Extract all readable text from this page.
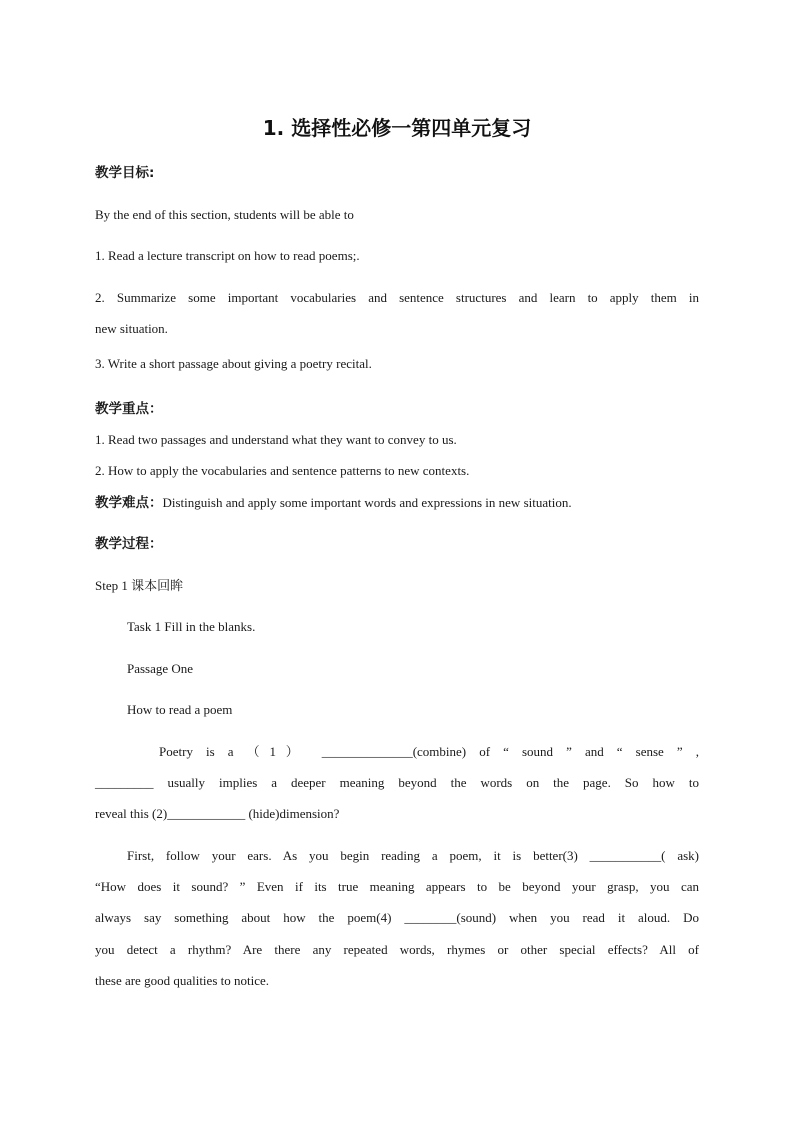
1. 选择性必修一第四单元复习
教学目标:
By the end of this section, students will be able to
1. Read a lecture transcript on how to read poems;.
2. Summarize some important vocabularies and sentence structures and learn to apply them in
new situation.
3. Write a short passage about giving a poetry recital.
教学重点：
1. Read two passages and understand what they want to convey to us.
2. How to apply the vocabularies and sentence patterns to new contexts.
教学难点：Distinguish and apply some important words and expressions in new situation.
教学过程：
Step 1 课本回眸
Task 1 Fill in the blanks.
Passage One
How to read a poem
Poetry is a （1） ______________(combine) of “ sound ” and “ sense ” ,
_________ usually implies a deeper meaning beyond the words on the page. So how to
reveal this (2)____________ (hide)dimension?
First, follow your ears. As you begin reading a poem, it is better(3) ___________( ask)
“How does it sound? ” Even if its true meaning appears to be beyond your grasp, you can
always say something about how the poem(4) ________(sound) when you read it aloud. Do
you detect a rhythm? Are there any repeated words, rhymes or other special effects? All of
these are good qualities to notice.
